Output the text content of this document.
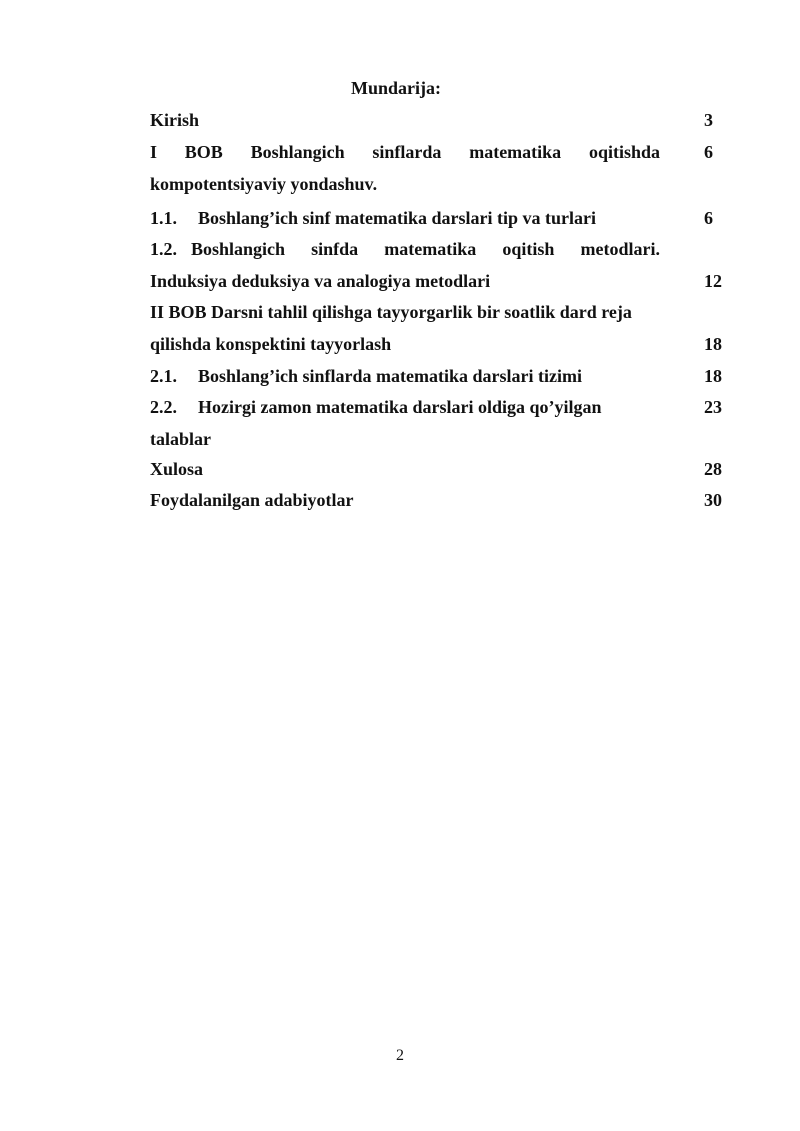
Mundarija:
Kirish	3
I BOB Boshlangich sinflarda matematika oqitishda 6
kompotentsiyaviy yondashuv.
1.1. Boshlang’ich sinf matematika darslari tip va turlari	6
1.2. Boshlangich sinfda matematika oqitish metodlari.
Induksiya deduksiya va analogiya metodlari	12
II BOB Darsni tahlil qilishga tayyorgarlik bir soatlik dard reja
qilishda konspektini tayyorlash	18
2.1. Boshlang’ich sinflarda matematika darslari tizimi	18
2.2. Hozirgi zamon matematika darslari oldiga qo’yilgan	23
talablar
Xulosa	28
Foydalanilgan adabiyotlar	30
2
